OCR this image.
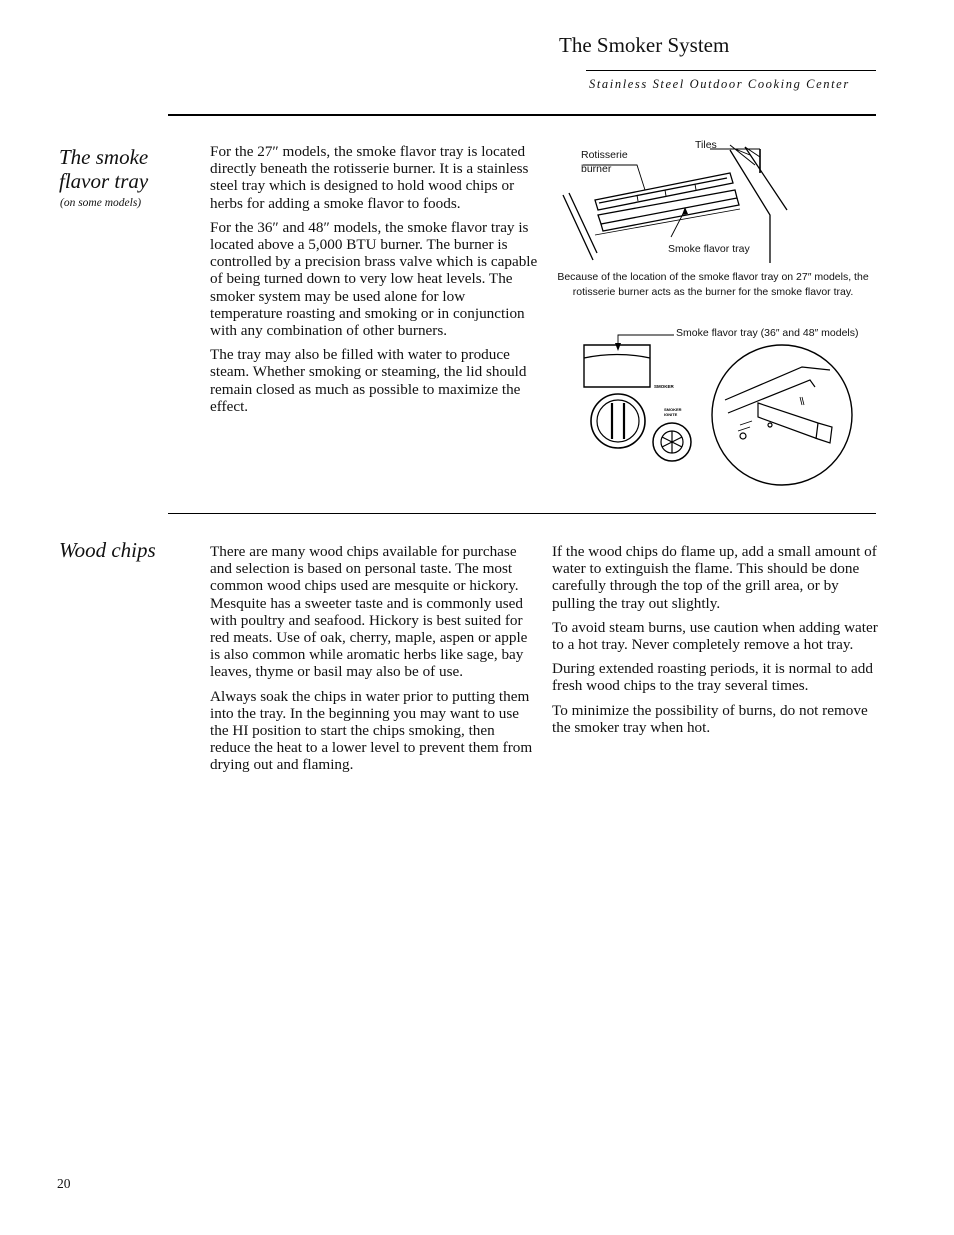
The Smoker System
Stainless Steel Outdoor Cooking Center
The smoke
flavor tray
(on some models)

For the 27″ models, the smoke flavor tray is located directly beneath the rotisserie burner. It is a stainless steel tray which is designed to hold wood chips or herbs for adding a smoke flavor to foods.

For the 36″ and 48″ models, the smoke flavor tray is located above a 5,000 BTU burner. The burner is controlled by a precision brass valve which is capable of being turned down to very low heat levels. The smoker system may be used alone for low temperature roasting and smoking or in conjunction with any combination of other burners.

The tray may also be filled with water to produce steam. Whether smoking or steaming, the lid should remain closed as much as possible to maximize the effect.

Tiles
Rotisserie
burner
Smoke flavor tray
Because of the location of the smoke flavor tray on 27″ models, the rotisserie burner acts as the burner for the smoke flavor tray.
Smoke flavor tray (36″ and 48″ models)
SMOKER
SMOKER
IGNITE
Wood chips	There are many wood chips available for purchase and selection is based on personal taste. The most common wood chips used are mesquite or hickory. Mesquite has a sweeter taste and is commonly used with poultry and seafood. Hickory is best suited for red meats. Use of oak, cherry, maple, aspen or apple is also common while aromatic herbs like sage, bay leaves, thyme or basil may also be of use.

Always soak the chips in water prior to putting them into the tray. In the beginning you may want to use the HI position to start the chips smoking, then reduce the heat to a lower level to prevent them from drying out and flaming.

If the wood chips do flame up, add a small amount of water to extinguish the flame. This should be done carefully through the top of the grill area, or by pulling the tray out slightly.

To avoid steam burns, use caution when adding water to a hot tray. Never completely remove a hot tray.

During extended roasting periods, it is normal to add fresh wood chips to the tray several times.

To minimize the possibility of burns, do not remove the smoker tray when hot.

20
